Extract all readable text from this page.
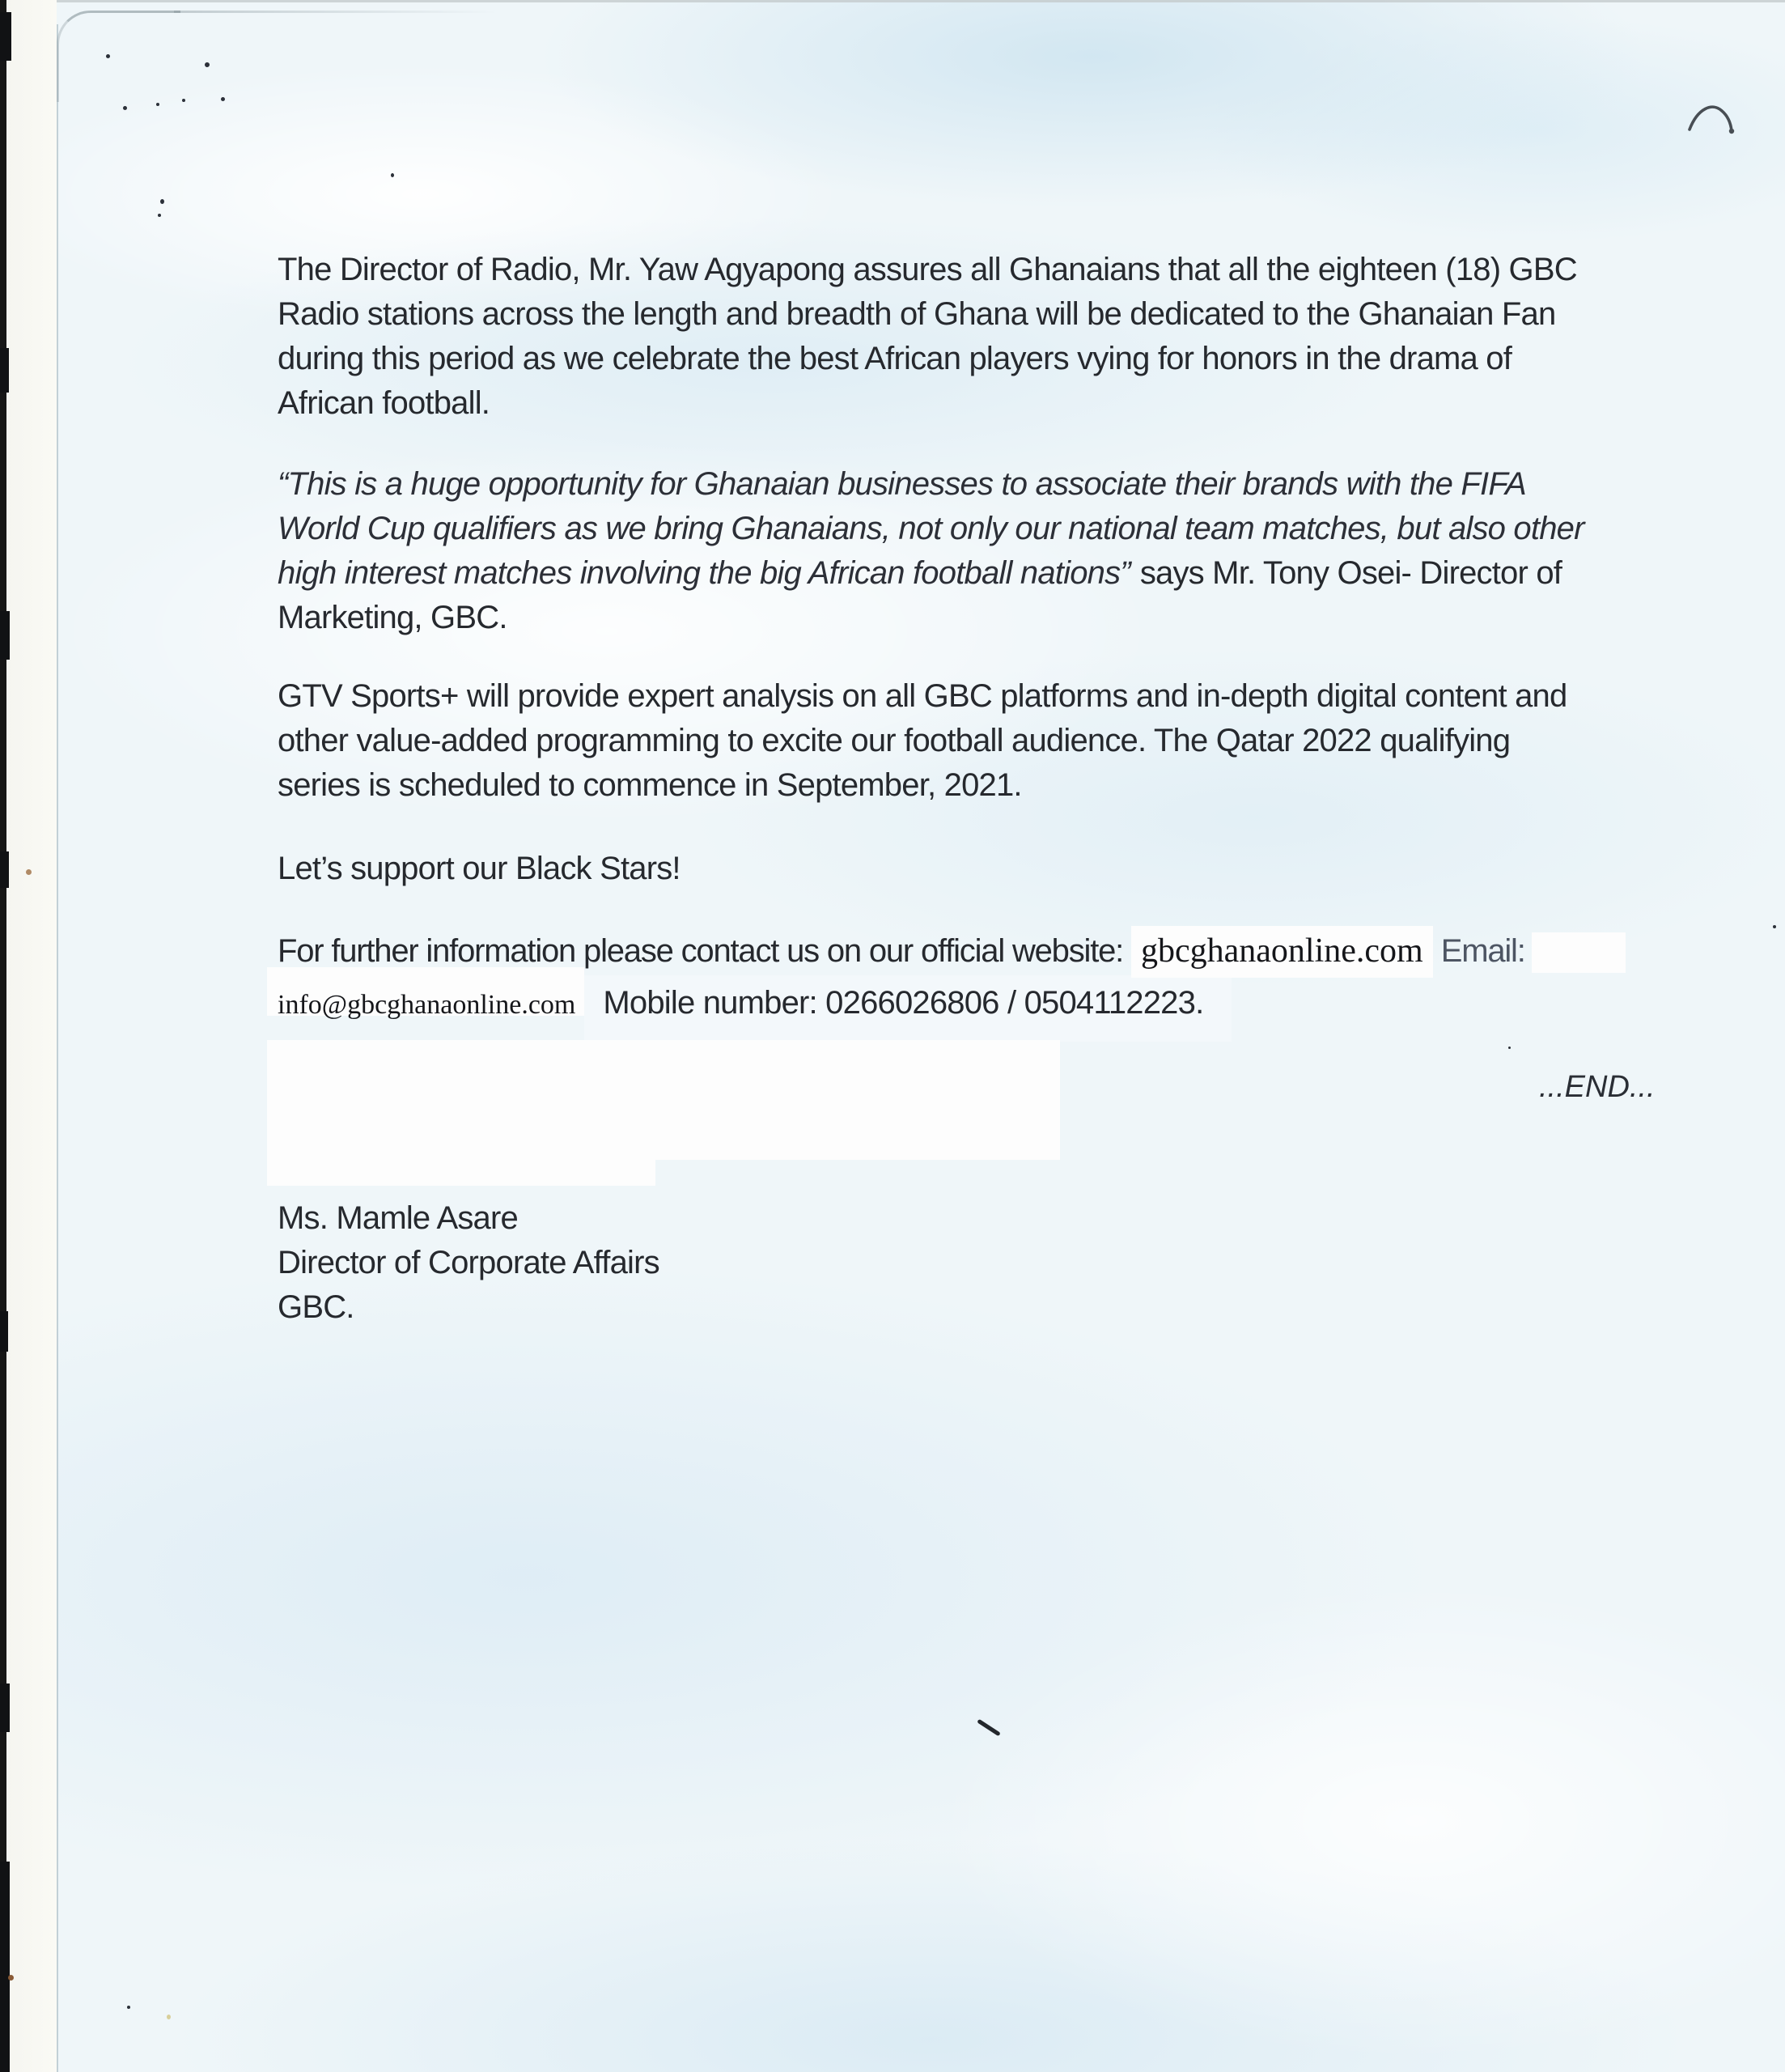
The Director of Radio, Mr. Yaw Agyapong assures all Ghanaians that all the eighteen (18) GBC
Radio stations across the length and breadth of Ghana will be dedicated to the Ghanaian Fan
during this period as we celebrate the best African players vying for honors in the drama of
African football.
“This is a huge opportunity for Ghanaian businesses to associate their brands with the FIFA
World Cup qualifiers as we bring Ghanaians, not only our national team matches, but also other
high interest matches involving the big African football nations” says Mr. Tony Osei- Director of
Marketing, GBC.
GTV Sports+ will provide expert analysis on all GBC platforms and in-depth digital content and
other value-added programming to excite our football audience. The Qatar 2022 qualifying
series is scheduled to commence in September, 2021.
Let’s support our Black Stars!
For further information please contact us on our official website: gbcghanaonline.com Email:
info@gbcghanaonline.com Mobile number: 0266026806 / 0504112223.
...END...
Ms. Mamle Asare
Director of Corporate Affairs
GBC.
